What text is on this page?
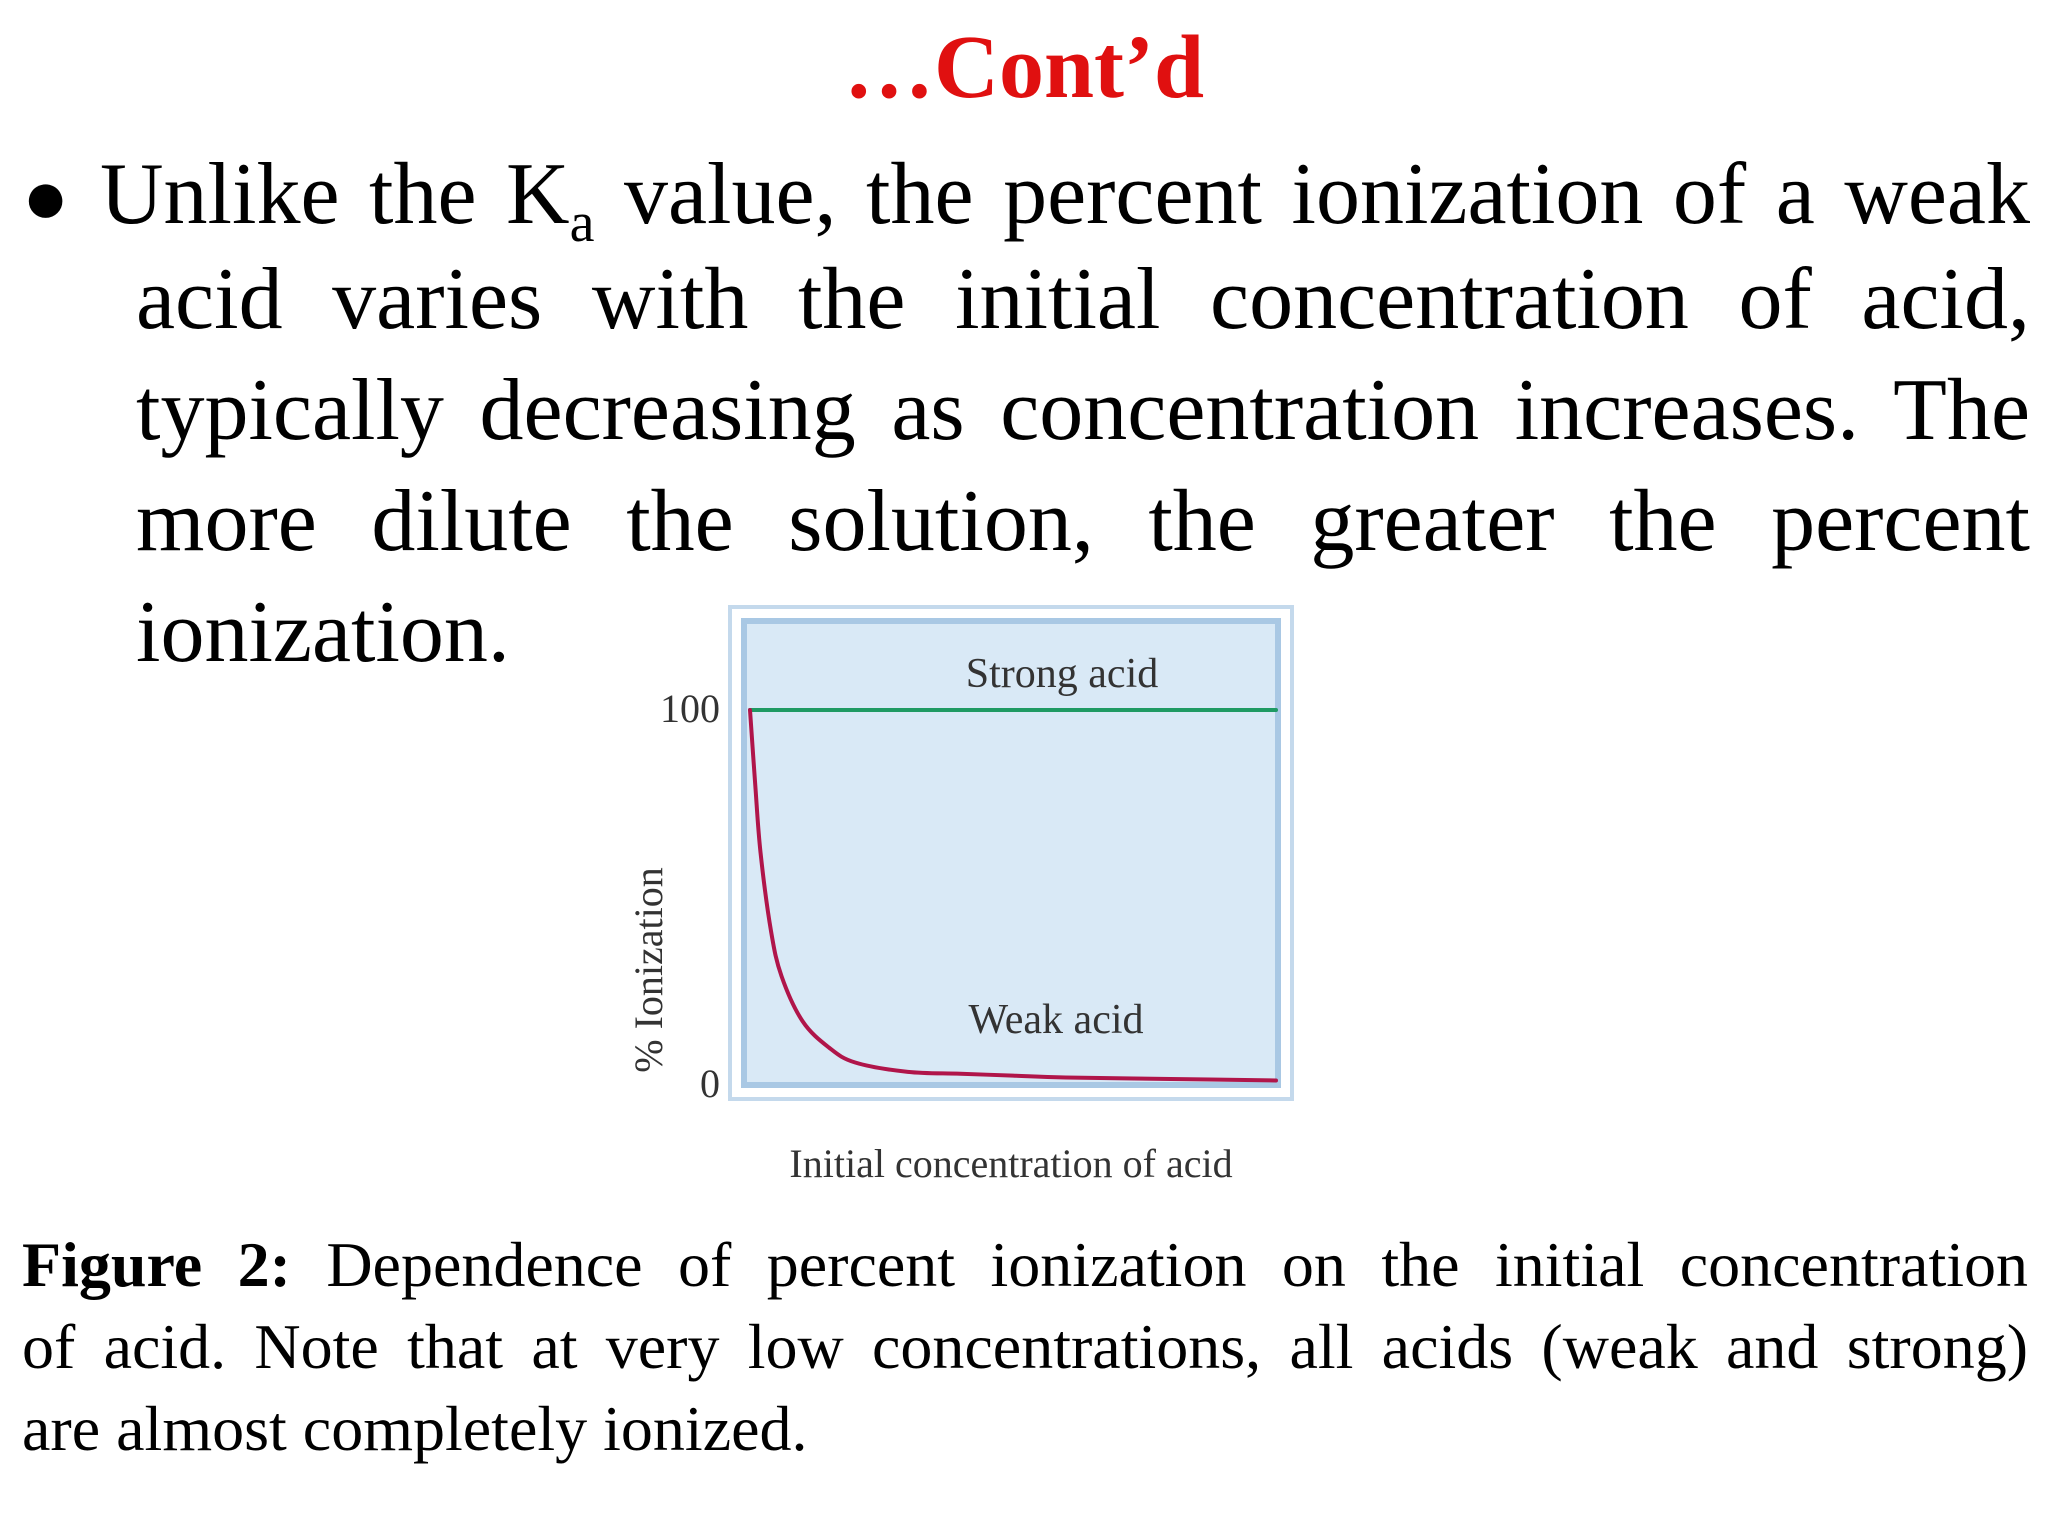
…Cont’d
● Unlike the $K_a$ value, the percent ionization of a weak
acid varies with the initial concentration of acid,
typically decreasing as concentration increases. The
more dilute the solution, the greater the percent
ionization.
100
0
% Ionization
Initial concentration of acid
Strong acid
Weak acid
Figure 2: Dependence of percent ionization on the initial concentration
of acid. Note that at very low concentrations, all acids (weak and strong)
are almost completely ionized.
